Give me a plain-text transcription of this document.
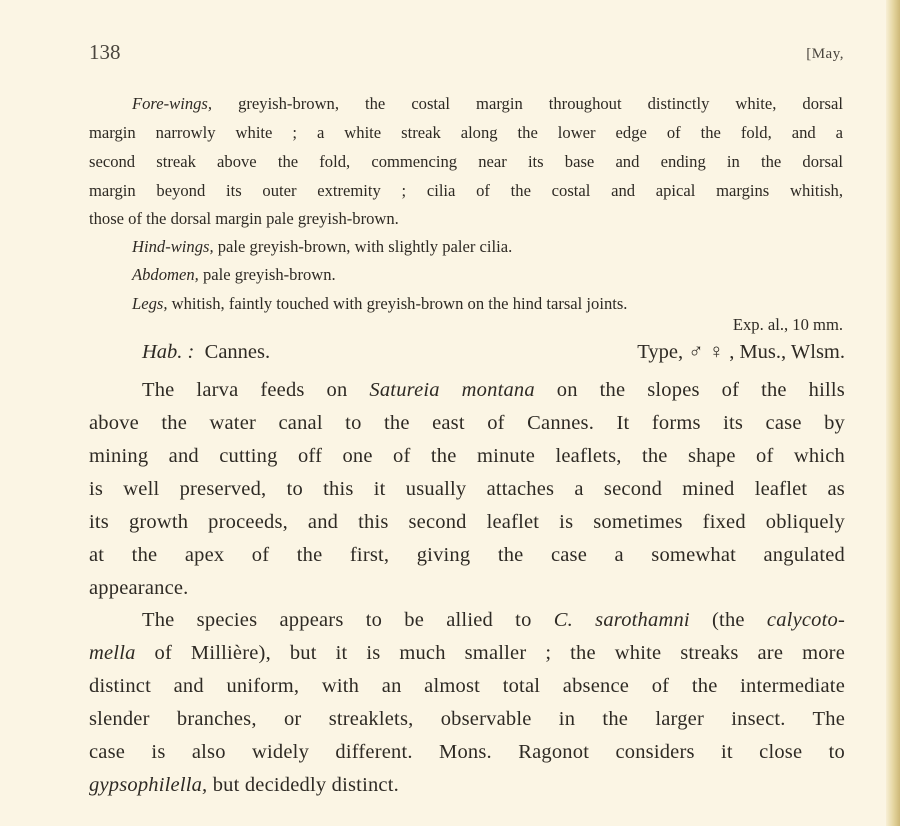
138	[May,
Fore-wings, greyish-brown, the costal margin throughout distinctly white, dorsal
margin narrowly white ; a white streak along the lower edge of the fold, and a
second streak above the fold, commencing near its base and ending in the dorsal
margin beyond its outer extremity ; cilia of the costal and apical margins whitish,
those of the dorsal margin pale greyish-brown.
Hind-wings, pale greyish-brown, with slightly paler cilia.
Abdomen, pale greyish-brown.
Legs, whitish, faintly touched with greyish-brown on the hind tarsal joints.
Exp. al., 10 mm.
Hab. : Cannes.	Type, ♂ ♀ , Mus., Wlsm.
The larva feeds on Satureia montana on the slopes of the hills
above the water canal to the east of Cannes. It forms its case by
mining and cutting off one of the minute leaflets, the shape of which
is well preserved, to this it usually attaches a second mined leaflet as
its growth proceeds, and this second leaflet is sometimes fixed obliquely
at the apex of the first, giving the case a somewhat angulated
appearance.
The species appears to be allied to C. sarothamni (the calycoto-
mella of Millière), but it is much smaller ; the white streaks are more
distinct and uniform, with an almost total absence of the intermediate
slender branches, or streaklets, observable in the larger insect. The
case is also widely different. Mons. Ragonot considers it close to
gypsophilella, but decidedly distinct.
